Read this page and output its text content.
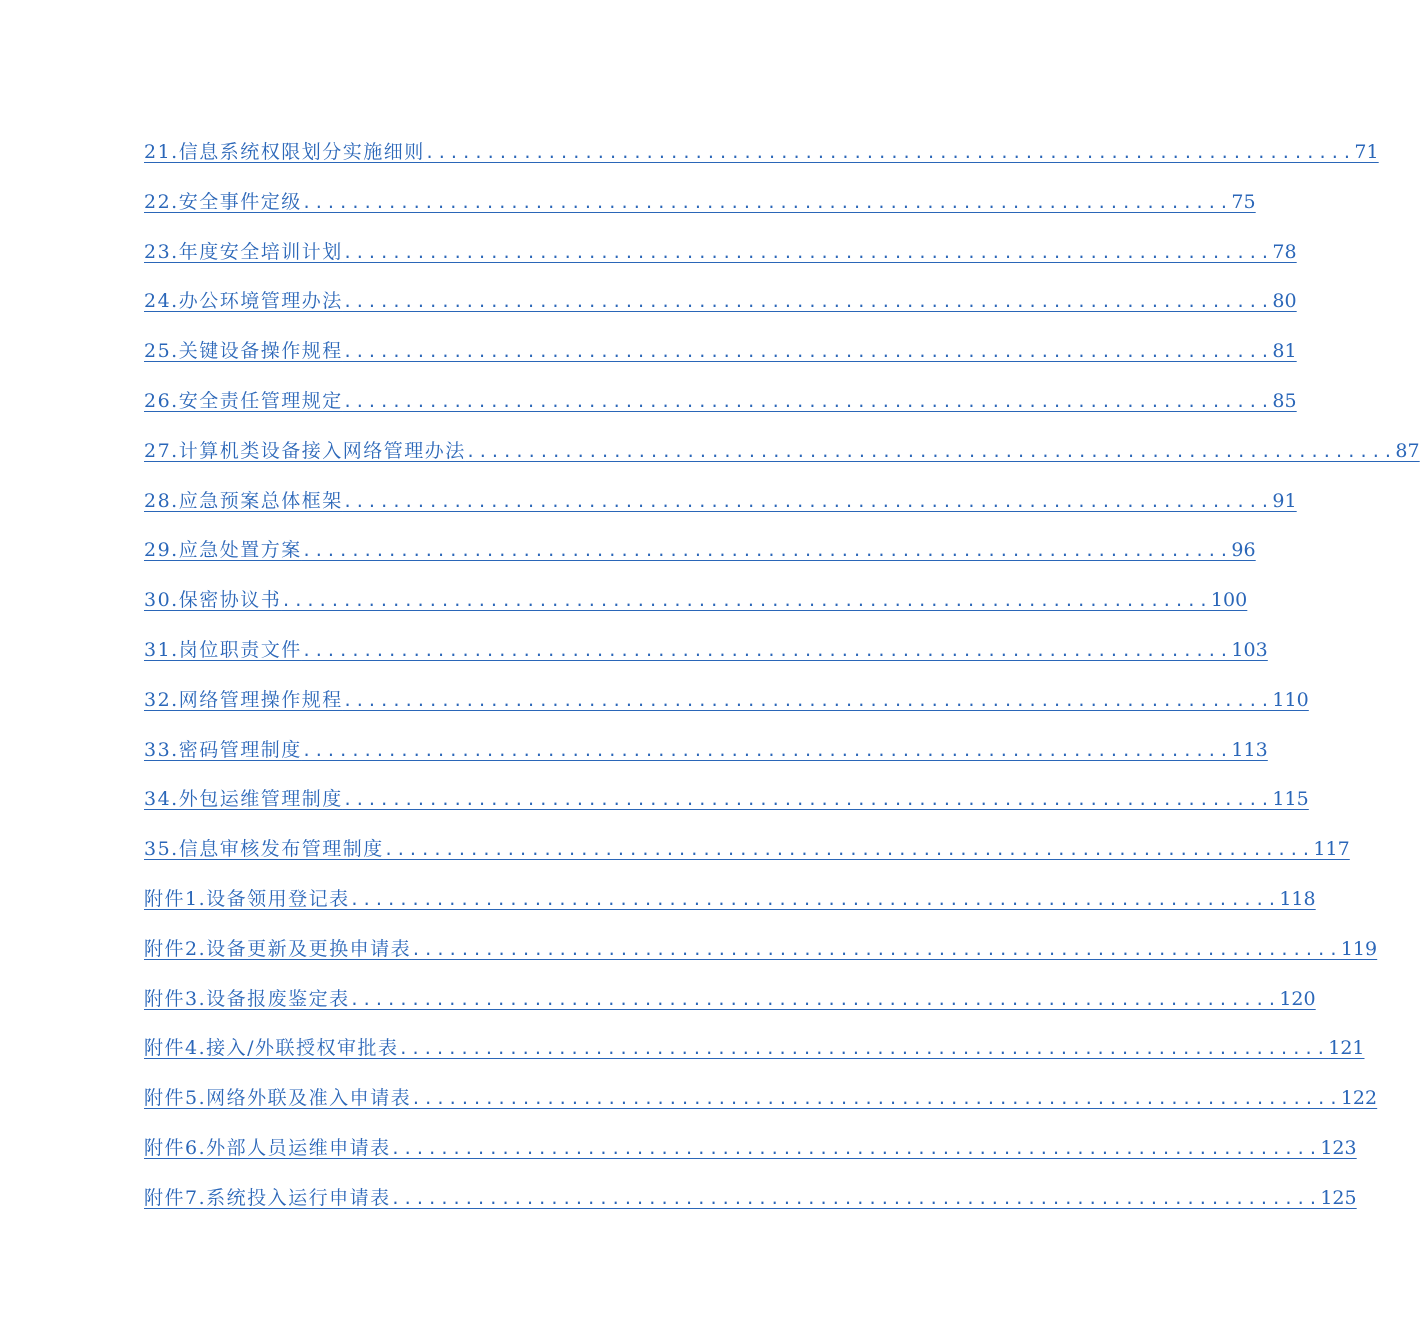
21.信息系统权限划分实施细则 ............................................................................ 71
22.安全事件定级 ............................................................................ 75
23.年度安全培训计划 ............................................................................ 78
24.办公环境管理办法 ............................................................................ 80
25.关键设备操作规程 ............................................................................ 81
26.安全责任管理规定 ............................................................................ 85
27.计算机类设备接入网络管理办法 ............................................................................ 87
28.应急预案总体框架 ............................................................................ 91
29.应急处置方案 ............................................................................ 96
30.保密协议书 ............................................................................ 100
31.岗位职责文件 ............................................................................ 103
32.网络管理操作规程 ............................................................................ 110
33.密码管理制度 ............................................................................ 113
34.外包运维管理制度 ............................................................................ 115
35.信息审核发布管理制度 ............................................................................ 117
附件1.设备领用登记表 ............................................................................ 118
附件2.设备更新及更换申请表 ............................................................................ 119
附件3.设备报废鉴定表 ............................................................................ 120
附件4.接入/外联授权审批表 ............................................................................ 121
附件5.网络外联及准入申请表 ............................................................................ 122
附件6.外部人员运维申请表 ............................................................................ 123
附件7.系统投入运行申请表 ............................................................................ 125
